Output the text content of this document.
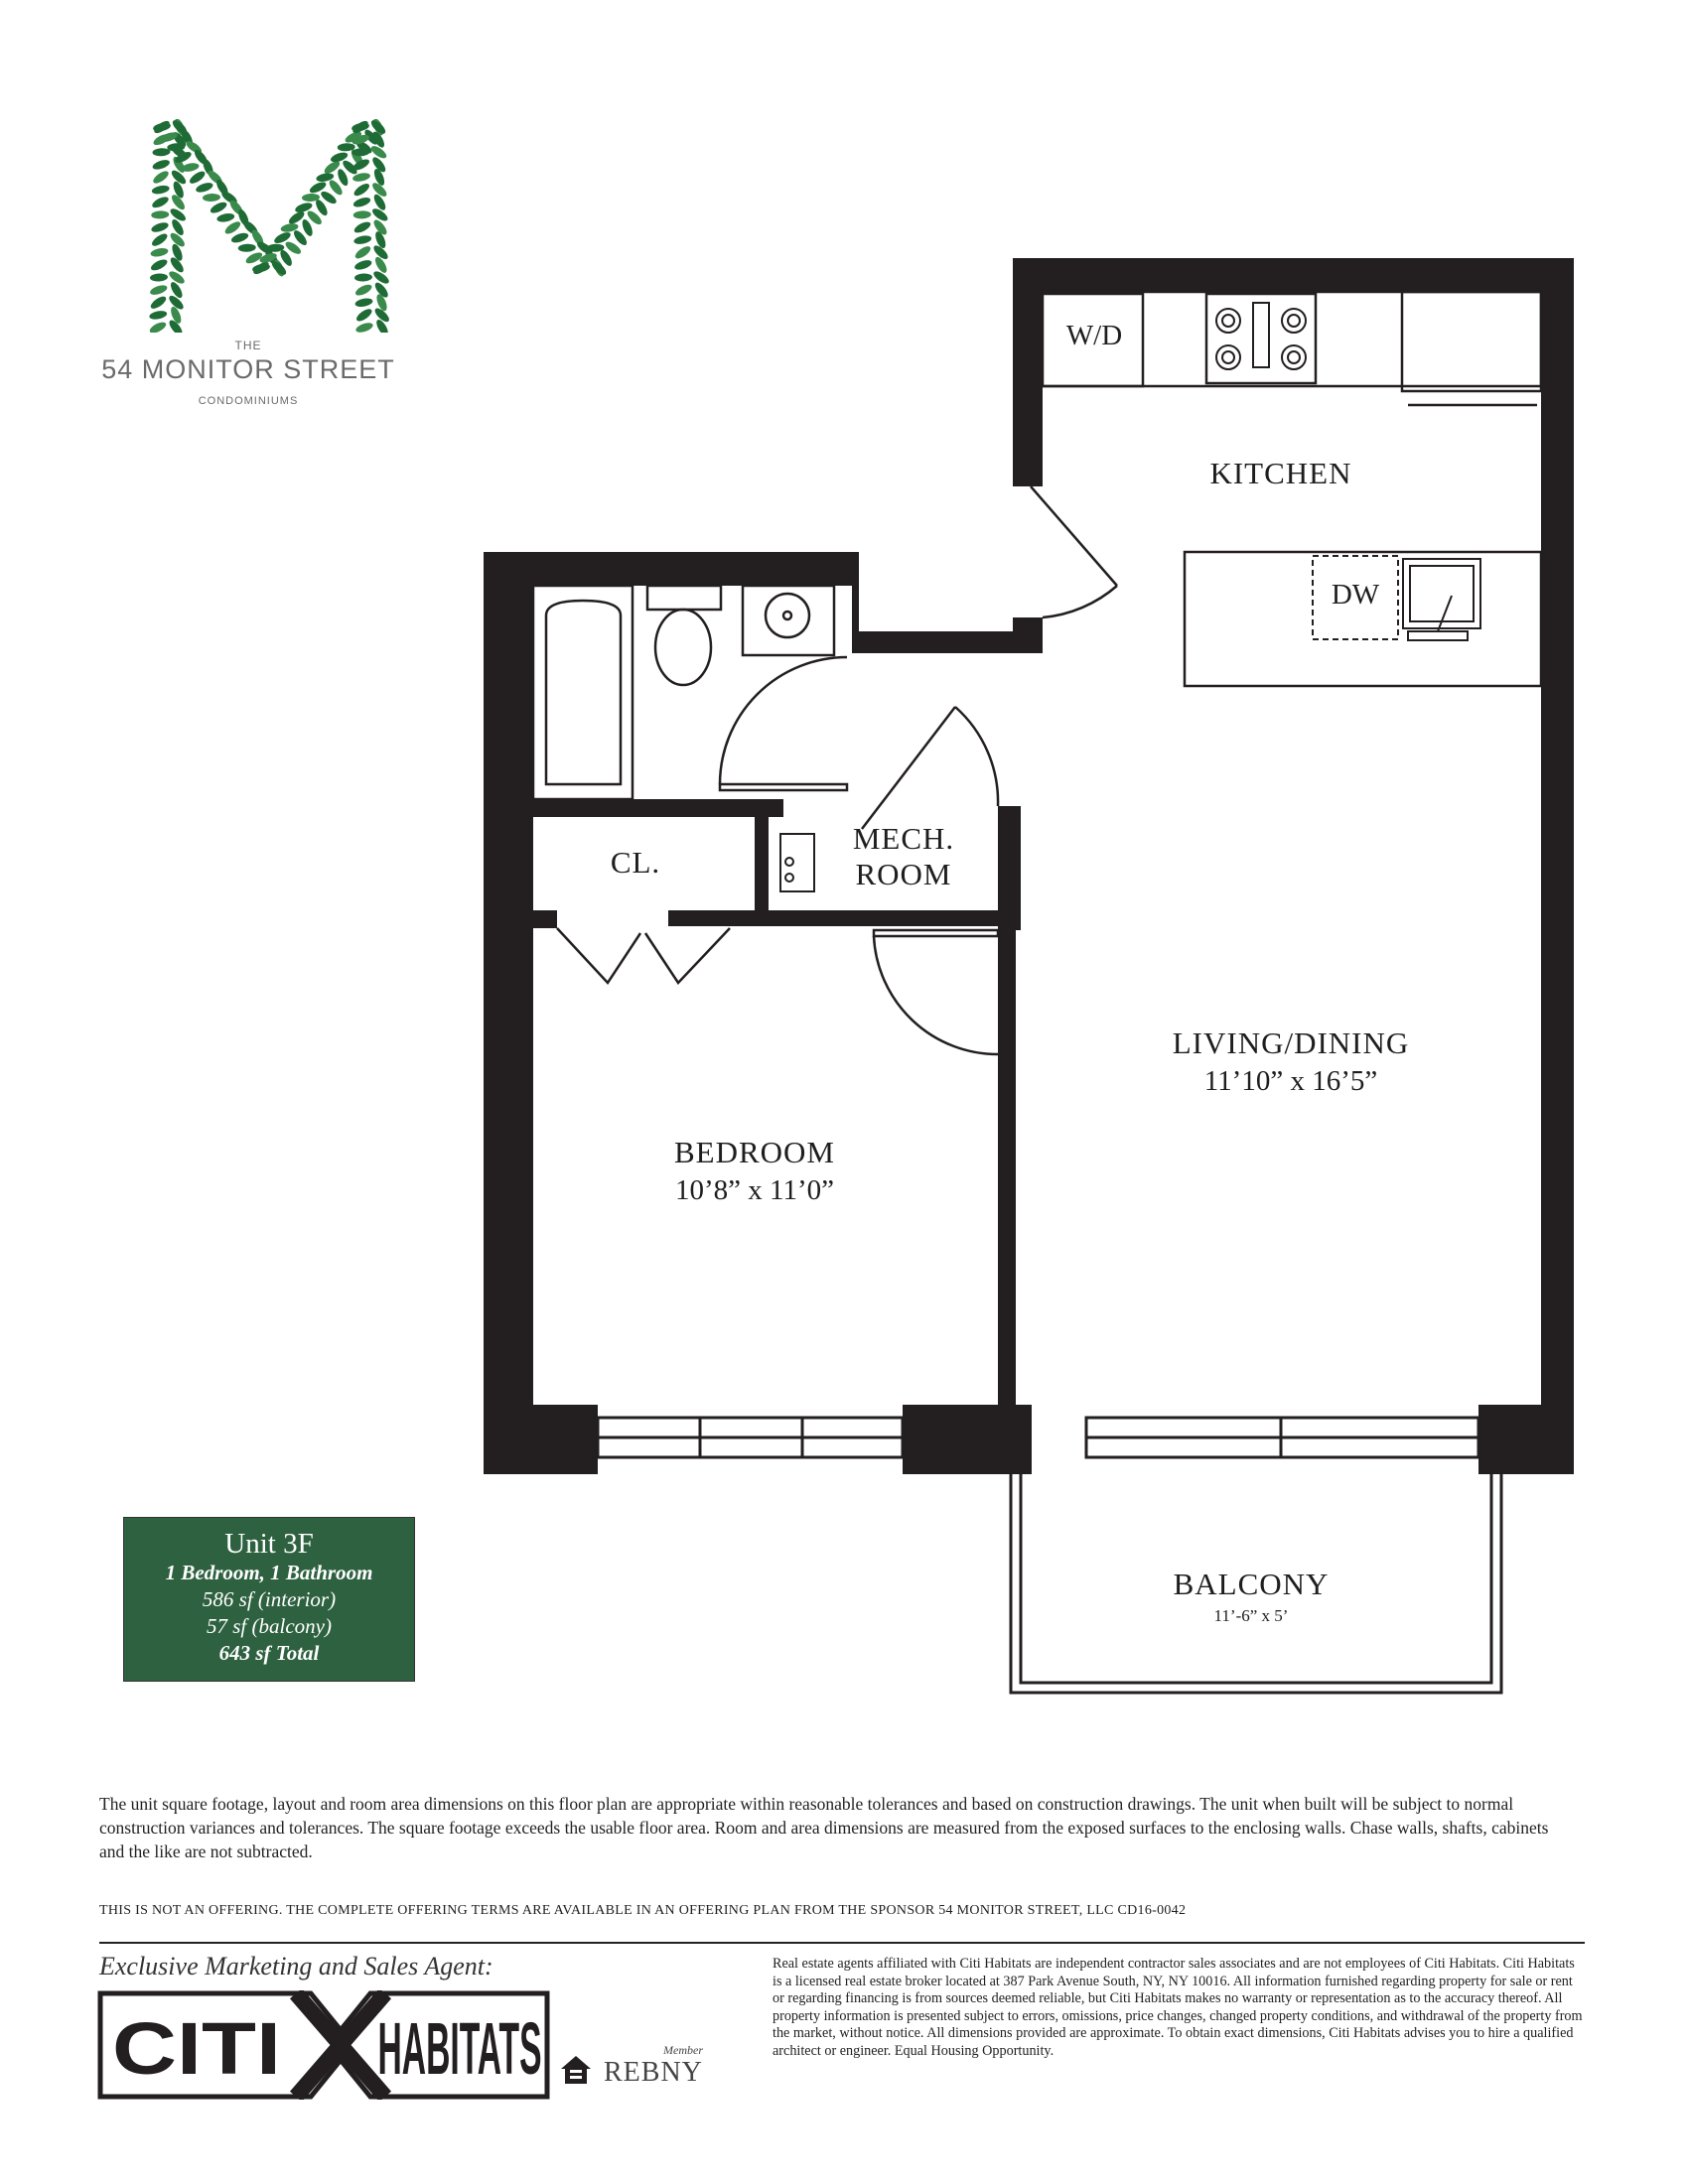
THE
54 MONITOR STREET
CONDOMINIUMS
W/D
KITCHEN
DW
CL.
MECH.
ROOM
LIVING/DINING
11’10” x 16’5”
BEDROOM
10’8” x 11’0”
BALCONY
11’-6” x 5’
Unit 3F
1 Bedroom, 1 Bathroom
586 sf (interior)
57 sf (balcony)
643 sf Total
The unit square footage, layout and room area dimensions on this floor plan are appropriate within reasonable tolerances and based on construction drawings. The unit when built will be subject to normal construction variances and tolerances. The square footage exceeds the usable floor area. Room and area dimensions are measured from the exposed surfaces to the enclosing walls. Chase walls, shafts, cabinets and the like are not subtracted.
THIS IS NOT AN OFFERING. THE COMPLETE OFFERING TERMS ARE AVAILABLE IN AN OFFERING PLAN FROM THE SPONSOR 54 MONITOR STREET, LLC CD16-0042
Exclusive Marketing and Sales Agent:
CITI HABITATS	Member
REBNY
Real estate agents affiliated with Citi Habitats are independent contractor sales associates and are not employees of Citi Habitats. Citi Habitats is a licensed real estate broker located at 387 Park Avenue South, NY, NY 10016. All information furnished regarding property for sale or rent or regarding financing is from sources deemed reliable, but Citi Habitats makes no warranty or representation as to the accuracy thereof. All property information is presented subject to errors, omissions, price changes, changed property conditions, and withdrawal of the property from the market, without notice. All dimensions provided are approximate. To obtain exact dimensions, Citi Habitats advises you to hire a qualified architect or engineer. Equal Housing Opportunity.
